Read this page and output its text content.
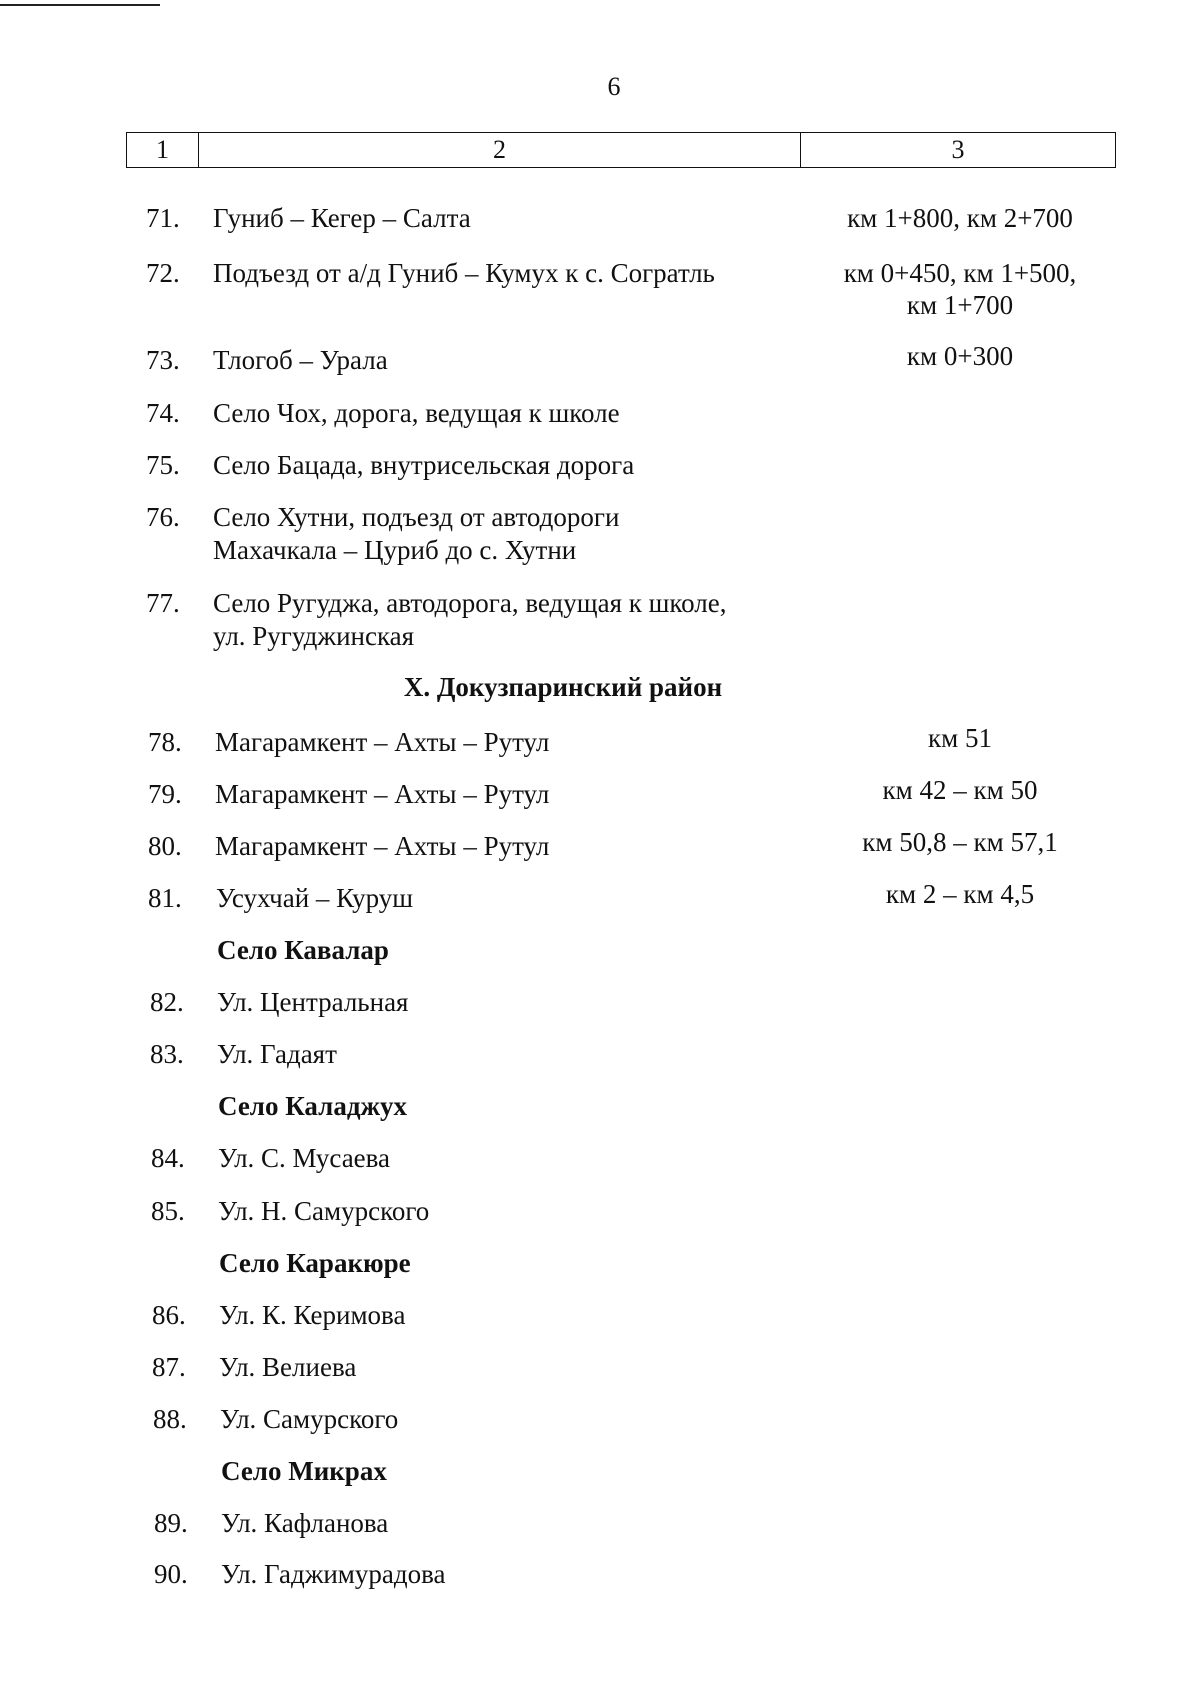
6
1	2	3
71. Гуниб – Кегер – Салта	км 1+800, км 2+700
72. Подъезд от а/д Гуниб – Кумух к с. Согратль	км 0+450, км 1+500,
км 1+700
73. Тлогоб – Урала	км 0+300
74. Село Чох, дорога, ведущая к школе
75. Село Бацада, внутрисельская дорога
76. Село Хутни, подъезд от автодороги
Махачкала – Цуриб до с. Хутни
77. Село Ругуджа, автодорога, ведущая к школе,
ул. Ругуджинская
X. Докузпаринский район
78. Магарамкент – Ахты – Рутул	км 51
79. Магарамкент – Ахты – Рутул	км 42 – км 50
80. Магарамкент – Ахты – Рутул	км 50,8 – км 57,1
81. Усухчай – Куруш	км 2 – км 4,5
Село Кавалар
82. Ул. Центральная
83. Ул. Гадаят
Село Каладжух
84. Ул. С. Мусаева
85. Ул. Н. Самурского
Село Каракюре
86. Ул. К. Керимова
87. Ул. Велиева
88. Ул. Самурского
Село Микрах
89. Ул. Кафланова
90. Ул. Гаджимурадова
